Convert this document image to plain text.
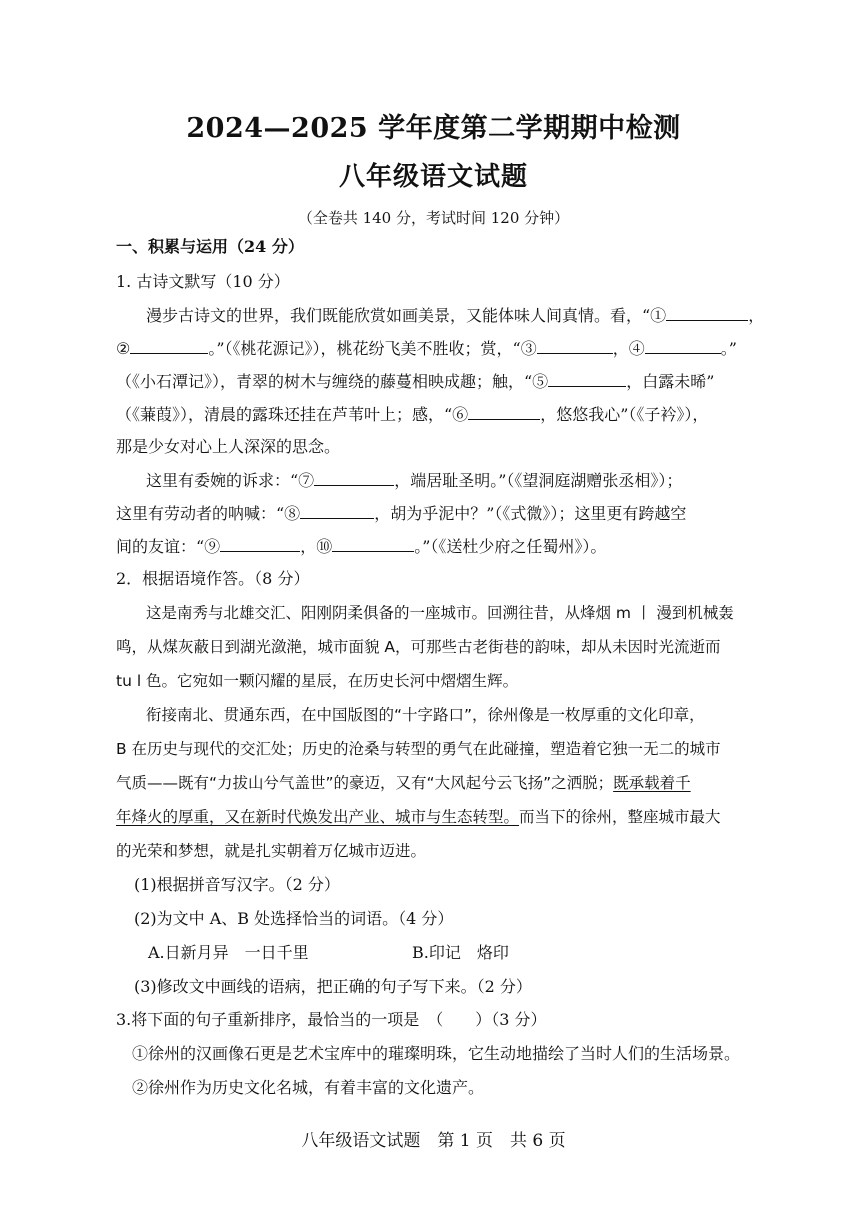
2024—2025 学年度第二学期期中检测
八年级语文试题
（全卷共 140 分，考试时间 120 分钟）
一、积累与运用（24 分）
1. 古诗文默写（10 分）
漫步古诗文的世界，我们既能欣赏如画美景，又能体味人间真情。看，“①	，
②	。”（《桃花源记》），桃花纷飞美不胜收；赏，“③	，④	。”
（《小石潭记》），青翠的树木与缠绕的藤蔓相映成趣；触，“⑤	，白露未晞”
（《蒹葭》），清晨的露珠还挂在芦苇叶上；感，“⑥	，悠悠我心”（《子衿》），
那是少女对心上人深深的思念。
这里有委婉的诉求：“⑦	，端居耻圣明。”（《望洞庭湖赠张丞相》）；
这里有劳动者的呐喊：“⑧	，胡为乎泥中？”（《式微》）；这里更有跨越空
间的友谊：“⑨	，⑩	。”（《送杜少府之任蜀州》）。
2．根据语境作答。（8 分）
这是南秀与北雄交汇、阳刚阴柔俱备的一座城市。回溯往昔，从烽烟 m 丨 漫到机械轰
鸣，从煤灰蔽日到湖光潋滟，城市面貌 A，可那些古老街巷的韵味，却从未因时光流逝而
tu l 色。它宛如一颗闪耀的星辰，在历史长河中熠熠生辉。
衔接南北、贯通东西，在中国版图的“十字路口”，徐州像是一枚厚重的文化印章，
B 在历史与现代的交汇处；历史的沧桑与转型的勇气在此碰撞，塑造着它独一无二的城市
气质——既有“力拔山兮气盖世”的豪迈，又有“大风起兮云飞扬”之洒脱；既承载着千
年烽火的厚重，又在新时代焕发出产业、城市与生态转型。而当下的徐州，整座城市最大
的光荣和梦想，就是扎实朝着万亿城市迈进。
(1)根据拼音写汉字。（2 分）
(2)为文中 A、B 处选择恰当的词语。（4 分）
A.日新月异　一日千里	B.印记　烙印
(3)修改文中画线的语病，把正确的句子写下来。（2 分）
3.将下面的句子重新排序，最恰当的一项是　（　　）（3 分）
①徐州的汉画像石更是艺术宝库中的璀璨明珠，它生动地描绘了当时人们的生活场景。
②徐州作为历史文化名城，有着丰富的文化遗产。
八年级语文试题　第 1 页　共 6 页
